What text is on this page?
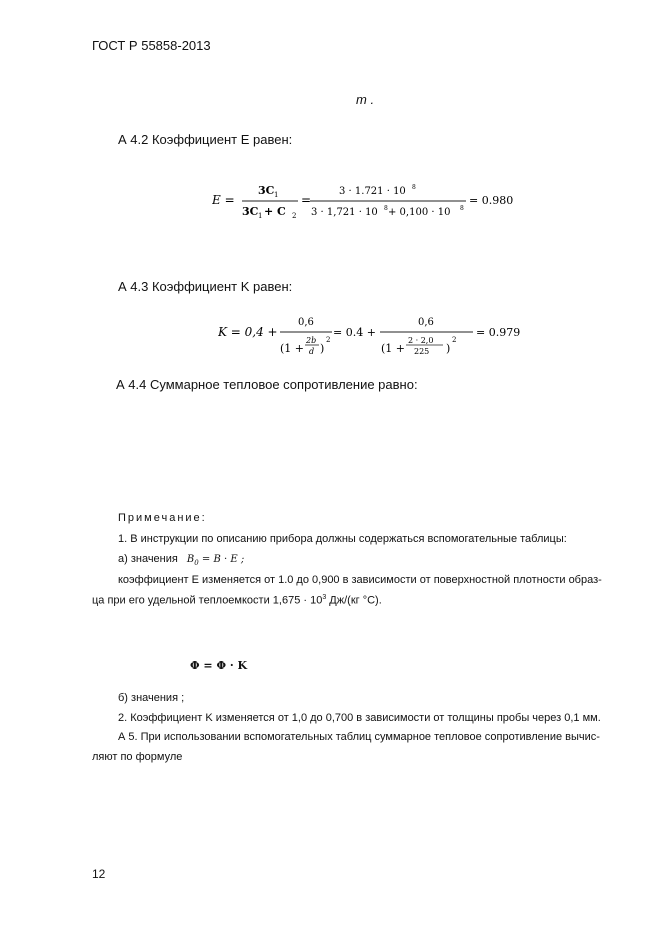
ГОСТ Р 55858-2013
m .
А 4.2 Коэффициент E равен:
E =
3C 1
3C 1 + C 2
=
3 · 1.721 · 10 8
3 · 1,721 · 10 8 + 0,100 · 10 8
= 0.980
А 4.3 Коэффициент K равен:
K = 0,4 +
0,6
(1 +
2b
d )
2
= 0.4 +
0,6
(1 +
2 · 2,0
225 )
2
= 0.979
А 4.4 Суммарное тепловое сопротивление равно:
Примечание:
1. В инструкции по описанию прибора должны содержаться вспомогательные таблицы:
а) значения $B_0 = B \cdot E$ ;
коэффициент E изменяется от 1.0 до 0,900 в зависимости от поверхностной плотности образ-
ца при его удельной теплоемкости $1,675 \cdot 10^3$ Дж/(кг °С).
Φ = Φ · K
б) значения ;
2. Коэффициент K изменяется от 1,0 до 0,700 в зависимости от толщины пробы через 0,1 мм.
А 5. При использовании вспомогательных таблиц суммарное тепловое сопротивление вычис-
ляют по формуле
12
